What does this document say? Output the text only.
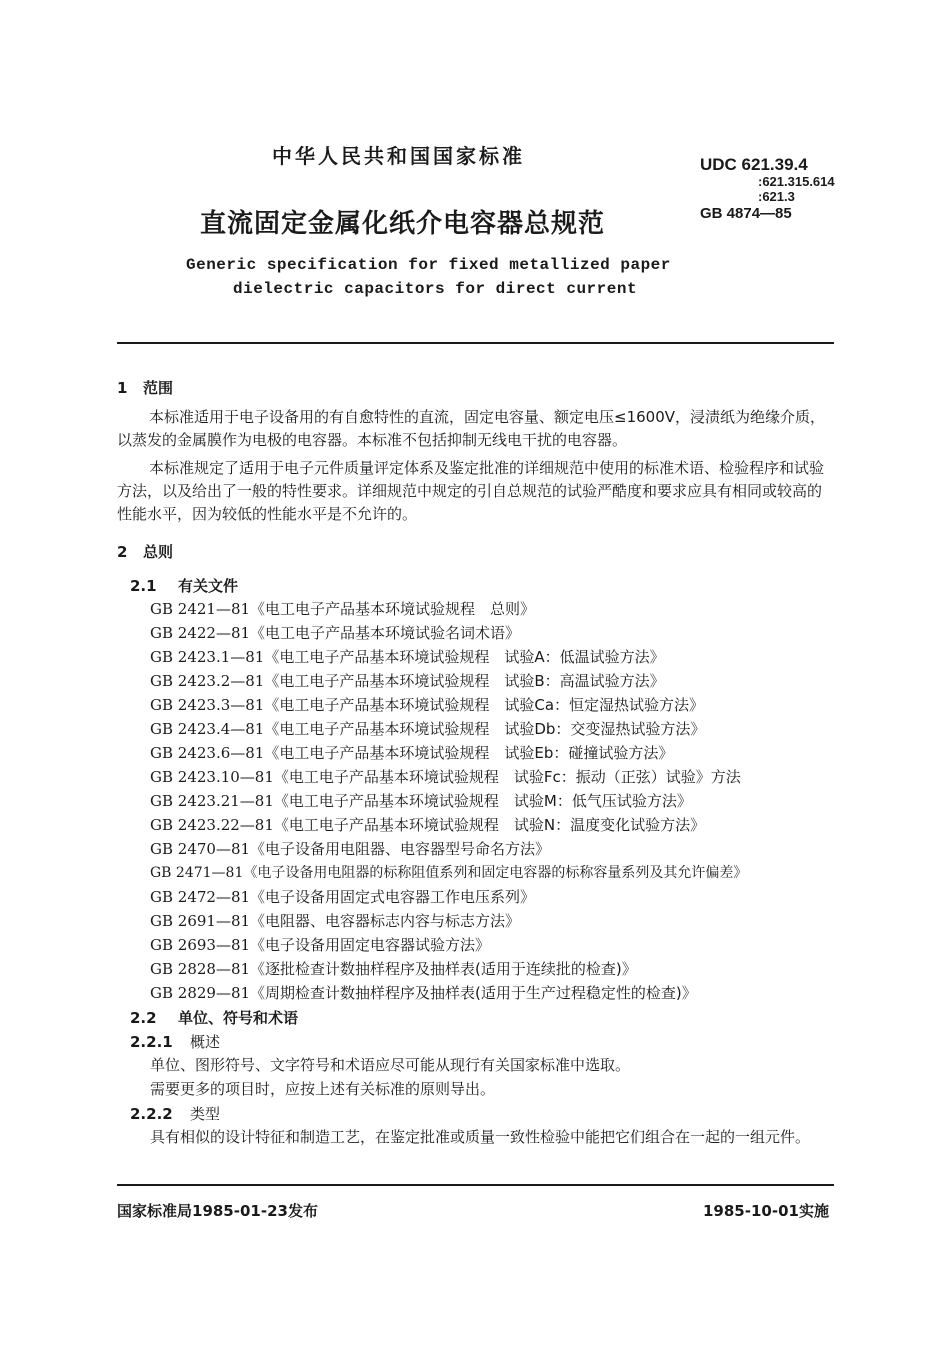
中华人民共和国国家标准
直流固定金属化纸介电容器总规范
Generic specification for fixed metallized paper
dielectric capacitors for direct current
UDC 621.39.4
:621.315.614
:621.3
GB 4874—85
1 范围
本标准适用于电子设备用的有自愈特性的直流，固定电容量、额定电压≤1600V，浸渍纸为绝缘介质，以蒸发的金属膜作为电极的电容器。本标准不包括抑制无线电干扰的电容器。
本标准规定了适用于电子元件质量评定体系及鉴定批准的详细规范中使用的标准术语、检验程序和试验方法，以及给出了一般的特性要求。详细规范中规定的引自总规范的试验严酷度和要求应具有相同或较高的性能水平，因为较低的性能水平是不允许的。
2 总则
2.1 有关文件
GB 2421—81《电工电子产品基本环境试验规程　总则》
GB 2422—81《电工电子产品基本环境试验名词术语》
GB 2423.1—81《电工电子产品基本环境试验规程　试验A：低温试验方法》
GB 2423.2—81《电工电子产品基本环境试验规程　试验B：高温试验方法》
GB 2423.3—81《电工电子产品基本环境试验规程　试验Ca：恒定湿热试验方法》
GB 2423.4—81《电工电子产品基本环境试验规程　试验Db：交变湿热试验方法》
GB 2423.6—81《电工电子产品基本环境试验规程　试验Eb：碰撞试验方法》
GB 2423.10—81《电工电子产品基本环境试验规程　试验Fc：振动（正弦）试验》方法
GB 2423.21—81《电工电子产品基本环境试验规程　试验M：低气压试验方法》
GB 2423.22—81《电工电子产品基本环境试验规程　试验N：温度变化试验方法》
GB 2470—81《电子设备用电阻器、电容器型号命名方法》
GB 2471—81《电子设备用电阻器的标称阻值系列和固定电容器的标称容量系列及其允许偏差》
GB 2472—81《电子设备用固定式电容器工作电压系列》
GB 2691—81《电阻器、电容器标志内容与标志方法》
GB 2693—81《电子设备用固定电容器试验方法》
GB 2828—81《逐批检查计数抽样程序及抽样表(适用于连续批的检查)》
GB 2829—81《周期检查计数抽样程序及抽样表(适用于生产过程稳定性的检查)》
2.2 单位、符号和术语
2.2.1 概述
单位、图形符号、文字符号和术语应尽可能从现行有关国家标准中选取。
需要更多的项目时，应按上述有关标准的原则导出。
2.2.2 类型
具有相似的设计特征和制造工艺，在鉴定批准或质量一致性检验中能把它们组合在一起的一组元件。
国家标准局1985-01-23发布	1985-10-01实施
